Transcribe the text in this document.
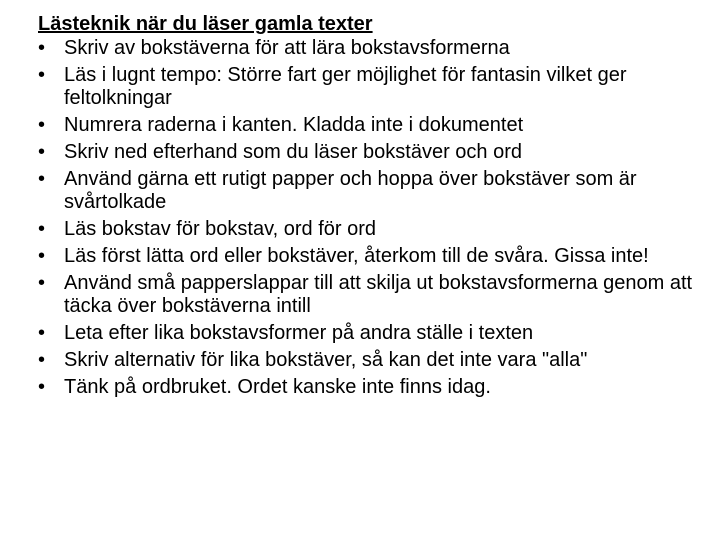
Lästeknik när du läser gamla texter
• Skriv av bokstäverna för att lära bokstavsformerna
• Läs i lugnt tempo: Större fart ger möjlighet för fantasin vilket ger feltolkningar
• Numrera raderna i kanten. Kladda inte i dokumentet
• Skriv ned efterhand som du läser bokstäver och ord
• Använd gärna ett rutigt papper och hoppa över bokstäver som är svårtolkade
• Läs bokstav för bokstav, ord för ord
• Läs först lätta ord eller bokstäver, återkom till de svåra. Gissa inte!
• Använd små papperslappar till att skilja ut bokstavsformerna genom att täcka över bokstäverna intill
• Leta efter lika bokstavsformer på andra ställe i texten
• Skriv alternativ för lika bokstäver, så kan det inte vara "alla"
• Tänk på ordbruket. Ordet kanske inte finns idag.
